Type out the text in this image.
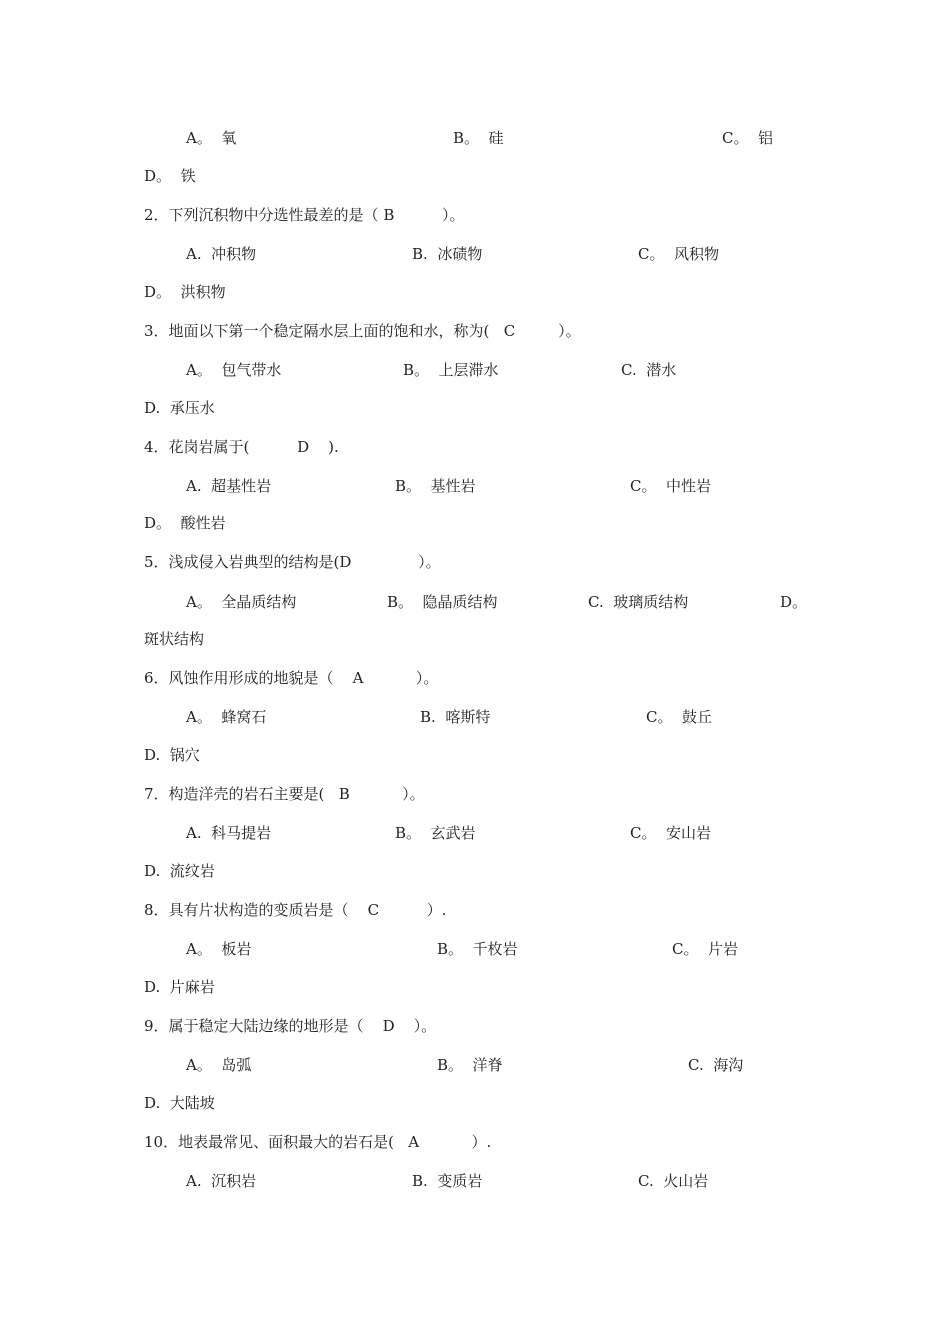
A。  氧	B。  硅	C。  铝
D。  铁
2．下列沉积物中分选性最差的是（ B          ）。
A.  冲积物	B.  冰碛物	C。  风积物
D。  洪积物
3．地面以下第一个稳定隔水层上面的饱和水，称为(   C         ）。
A。  包气带水	B。  上层滞水	C.  潜水
D.  承压水
4．花岗岩属于(          D    ).
A.  超基性岩	B。  基性岩	C。  中性岩
D。  酸性岩
5．浅成侵入岩典型的结构是(D              ）。
A。  全晶质结构	B。  隐晶质结构	C.  玻璃质结构	D。
斑状结构
6．风蚀作用形成的地貌是（    A           ）。
A。  蜂窝石	B.  喀斯特	C。  鼓丘
D.  锅穴
7．构造洋壳的岩石主要是(   B           ）。
A.  科马提岩	B。  玄武岩	C。  安山岩
D.  流纹岩
8．具有片状构造的变质岩是（    C          ）.
A。  板岩	B。  千枚岩	C。  片岩
D.  片麻岩
9．属于稳定大陆边缘的地形是（    D    ）。
A。  岛弧	B。  洋脊	C.  海沟
D.  大陆坡
10．地表最常见、面积最大的岩石是(   A           ）.
A.  沉积岩	B.  变质岩	C.  火山岩
